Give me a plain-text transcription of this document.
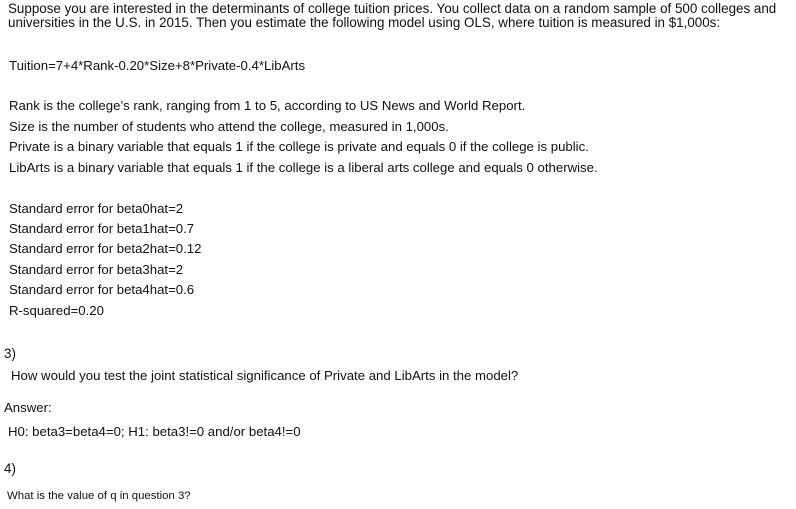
Suppose you are interested in the determinants of college tuition prices. You collect data on a random sample of 500 colleges and
universities in the U.S. in 2015. Then you estimate the following model using OLS, where tuition is measured in $1,000s:
Tuition=7+4*Rank-0.20*Size+8*Private-0.4*LibArts
Rank is the college’s rank, ranging from 1 to 5, according to US News and World Report.
Size is the number of students who attend the college, measured in 1,000s.
Private is a binary variable that equals 1 if the college is private and equals 0 if the college is public.
LibArts is a binary variable that equals 1 if the college is a liberal arts college and equals 0 otherwise.
Standard error for beta0hat=2
Standard error for beta1hat=0.7
Standard error for beta2hat=0.12
Standard error for beta3hat=2
Standard error for beta4hat=0.6
R-squared=0.20
3)
How would you test the joint statistical significance of Private and LibArts in the model?
Answer:
H0: beta3=beta4=0; H1: beta3!=0 and/or beta4!=0
4)
What is the value of q in question 3?
